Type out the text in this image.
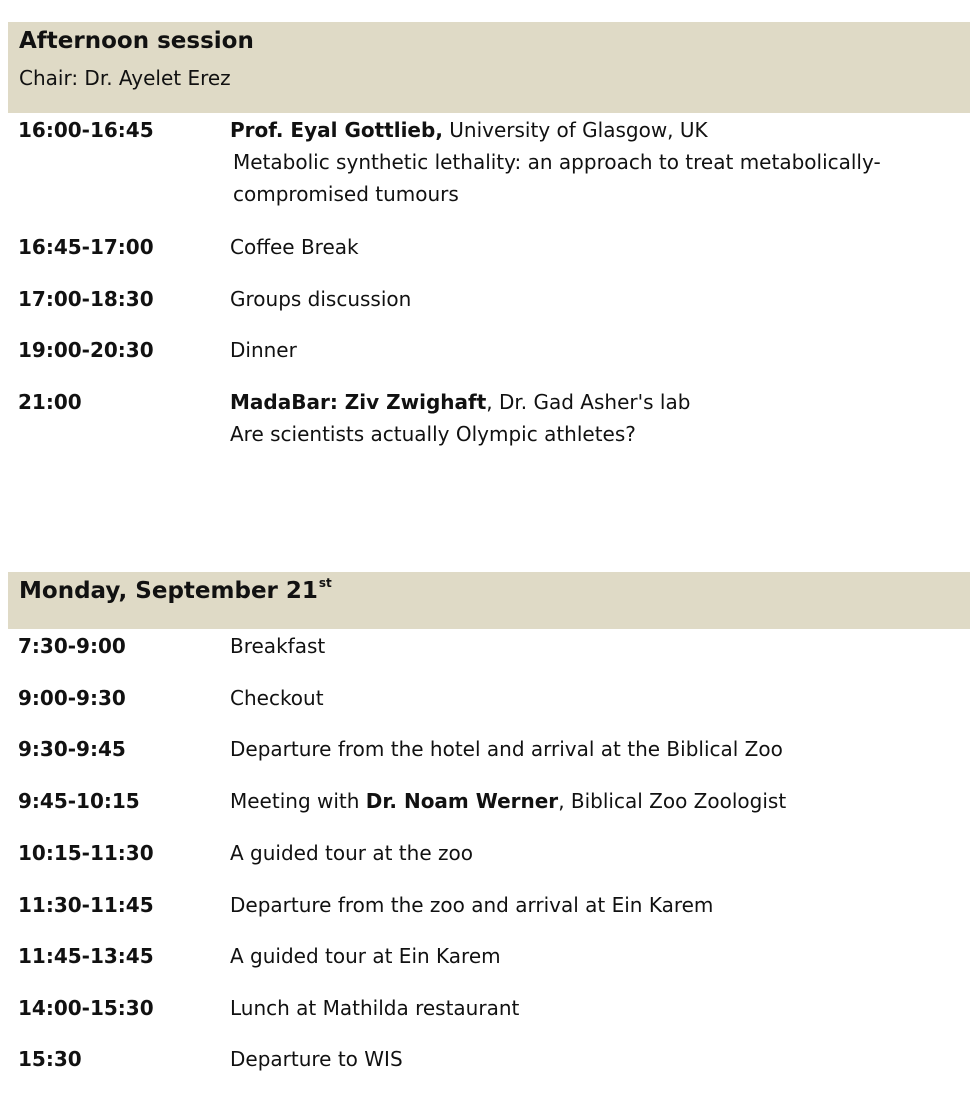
Afternoon session
Chair: Dr. Ayelet Erez
16:00-16:45	Prof. Eyal Gottlieb, University of Glasgow, UK
Metabolic synthetic lethality: an approach to treat metabolically-
compromised tumours
16:45-17:00	Coffee Break
17:00-18:30	Groups discussion
19:00-20:30	Dinner
21:00	MadaBar: Ziv Zwighaft, Dr. Gad Asher's lab
Are scientists actually Olympic athletes?
Monday, September 21st
7:30-9:00	Breakfast
9:00-9:30	Checkout
9:30-9:45	Departure from the hotel and arrival at the Biblical Zoo
9:45-10:15	Meeting with Dr. Noam Werner, Biblical Zoo Zoologist
10:15-11:30	A guided tour at the zoo
11:30-11:45	Departure from the zoo and arrival at Ein Karem
11:45-13:45	A guided tour at Ein Karem
14:00-15:30	Lunch at Mathilda restaurant
15:30	Departure to WIS
